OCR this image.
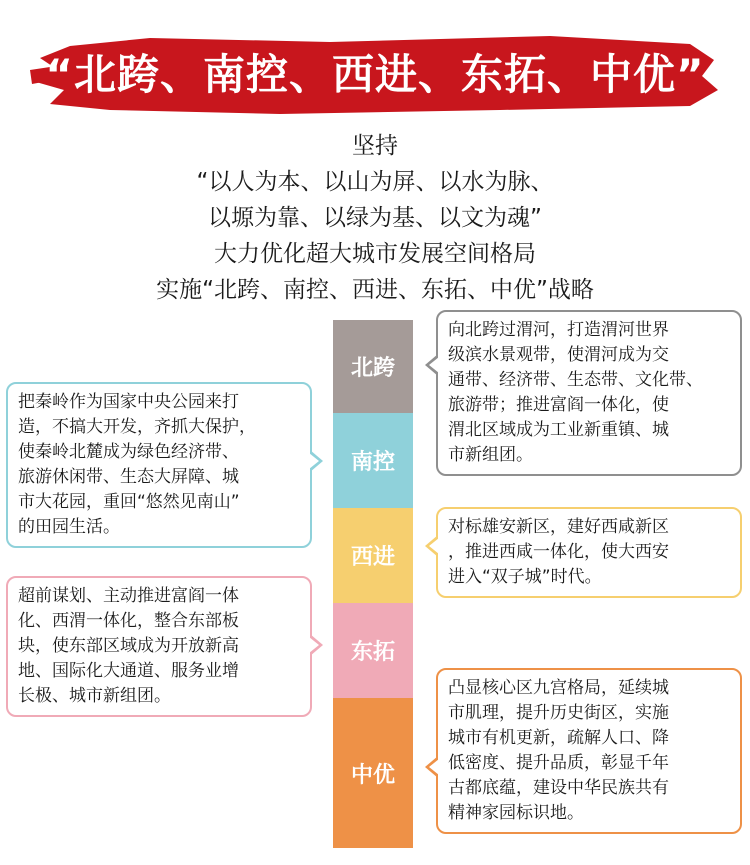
“北跨、南控、西进、东拓、中优”
坚持
“以人为本、以山为屏、以水为脉、
以塬为靠、以绿为基、以文为魂”
大力优化超大城市发展空间格局
实施“北跨、南控、西进、东拓、中优”战略
北跨
南控
西进
东拓
中优
向北跨过渭河，打造渭河世界
级滨水景观带，使渭河成为交
通带、经济带、生态带、文化带、
旅游带；推进富阎一体化，使
渭北区域成为工业新重镇、城
市新组团。
把秦岭作为国家中央公园来打
造，不搞大开发，齐抓大保护，
使秦岭北麓成为绿色经济带、
旅游休闲带、生态大屏障、城
市大花园，重回“悠然见南山”
的田园生活。	对标雄安新区，建好西咸新区
，推进西咸一体化，使大西安
进入“双子城”时代。
超前谋划、主动推进富阎一体
化、西渭一体化，整合东部板
块，使东部区域成为开放新高
地、国际化大通道、服务业增
长极、城市新组团。	凸显核心区九宫格局，延续城
市肌理，提升历史街区，实施
城市有机更新，疏解人口、降
低密度、提升品质，彰显千年
古都底蕴，建设中华民族共有
精神家园标识地。
